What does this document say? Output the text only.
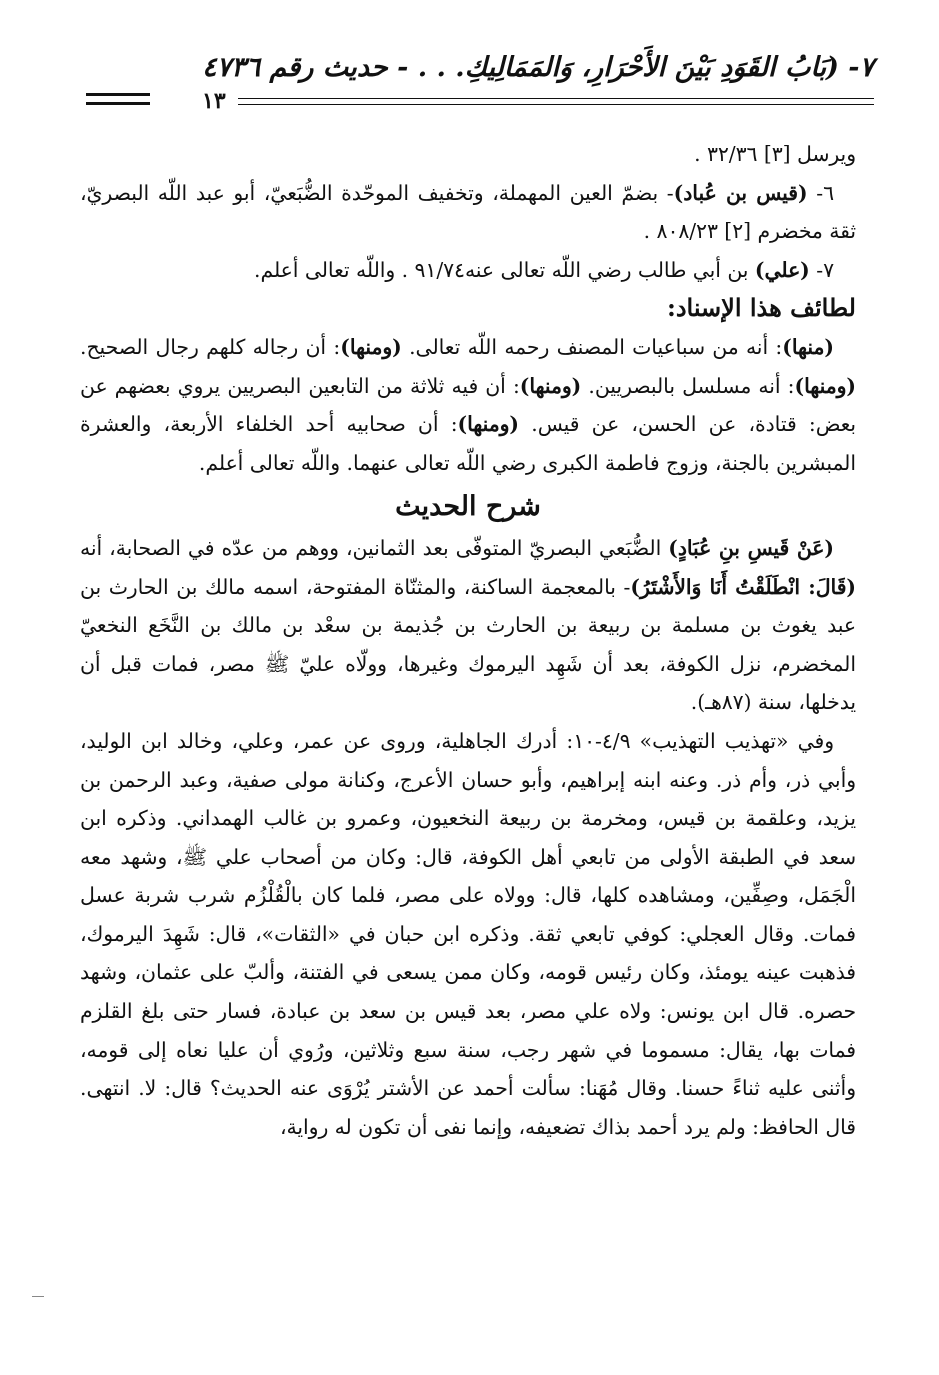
٧- (بَابُ القَوَدِ بَيْنَ الأَحْرَارِ، وَالمَمَالِيكِ. . . - حديث رقم ٤٧٣٦
١٣

ويرسل [٣] ٣٢/٣٦ .

٦- (قيس بن عُباد)- بضمّ العين المهملة، وتخفيف الموحّدة الضُّبَعيّ، أبو عبد اللّه البصريّ، ثقة مخضرم [٢] ٨٠٨/٢٣ .

٧- (علي) بن أبي طالب رضي اللّه تعالى عنه٩١/٧٤ . واللّه تعالى أعلم.

لطائف هذا الإسناد:

(منها): أنه من سباعيات المصنف رحمه اللّه تعالى. (ومنها): أن رجاله كلهم رجال الصحيح. (ومنها): أنه مسلسل بالبصريين. (ومنها): أن فيه ثلاثة من التابعين البصريين يروي بعضهم عن بعض: قتادة، عن الحسن، عن قيس. (ومنها): أن صحابيه أحد الخلفاء الأربعة، والعشرة المبشرين بالجنة، وزوج فاطمة الكبرى رضي اللّه تعالى عنهما. واللّه تعالى أعلم.

شرح الحديث

(عَنْ قَيسِ بنِ عُبَادٍ) الضُّبَعي البصريّ المتوفّى بعد الثمانين، ووهم من عدّه في الصحابة، أنه (قَالَ: انْطَلَقْتُ أَنَا وَالأَشْتَرُ)- بالمعجمة الساكنة، والمثنّاة المفتوحة، اسمه مالك بن الحارث بن عبد يغوث بن مسلمة بن ربيعة بن الحارث بن جُذيمة بن سعْد بن مالك بن النَّخَع النخعيّ المخضرم، نزل الكوفة، بعد أن شَهِد اليرموك وغيرها، وولّاه عليّ ﷺ مصر، فمات قبل أن يدخلها، سنة (٨٧هـ).

وفي «تهذيب التهذيب» ٤/٩-١٠: أدرك الجاهلية، وروى عن عمر، وعلي، وخالد ابن الوليد، وأبي ذر، وأم ذر. وعنه ابنه إبراهيم، وأبو حسان الأعرج، وكنانة مولى صفية، وعبد الرحمن بن يزيد، وعلقمة بن قيس، ومخرمة بن ربيعة النخعيون، وعمرو بن غالب الهمداني. وذكره ابن سعد في الطبقة الأولى من تابعي أهل الكوفة، قال: وكان من أصحاب علي ﷺ، وشهد معه الْجَمَل، وصِفِّين، ومشاهده كلها، قال: وولاه على مصر، فلما كان بالْقُلْزُم شرب شربة عسل فمات. وقال العجلي: كوفي تابعي ثقة. وذكره ابن حبان في «الثقات»، قال: شَهِدَ اليرموك، فذهبت عينه يومئذ، وكان رئيس قومه، وكان ممن يسعى في الفتنة، وألبّ على عثمان، وشهد حصره. قال ابن يونس: ولاه علي مصر، بعد قيس بن سعد بن عبادة، فسار حتى بلغ القلزم فمات بها، يقال: مسموما في شهر رجب، سنة سبع وثلاثين، ورُوي أن عليا نعاه إلى قومه، وأثنى عليه ثناءً حسنا. وقال مُهَنا: سألت أحمد عن الأشتر يُرْوَى عنه الحديث؟ قال: لا. انتهى. قال الحافظ: ولم يرد أحمد بذاك تضعيفه، وإنما نفى أن تكون له رواية،
